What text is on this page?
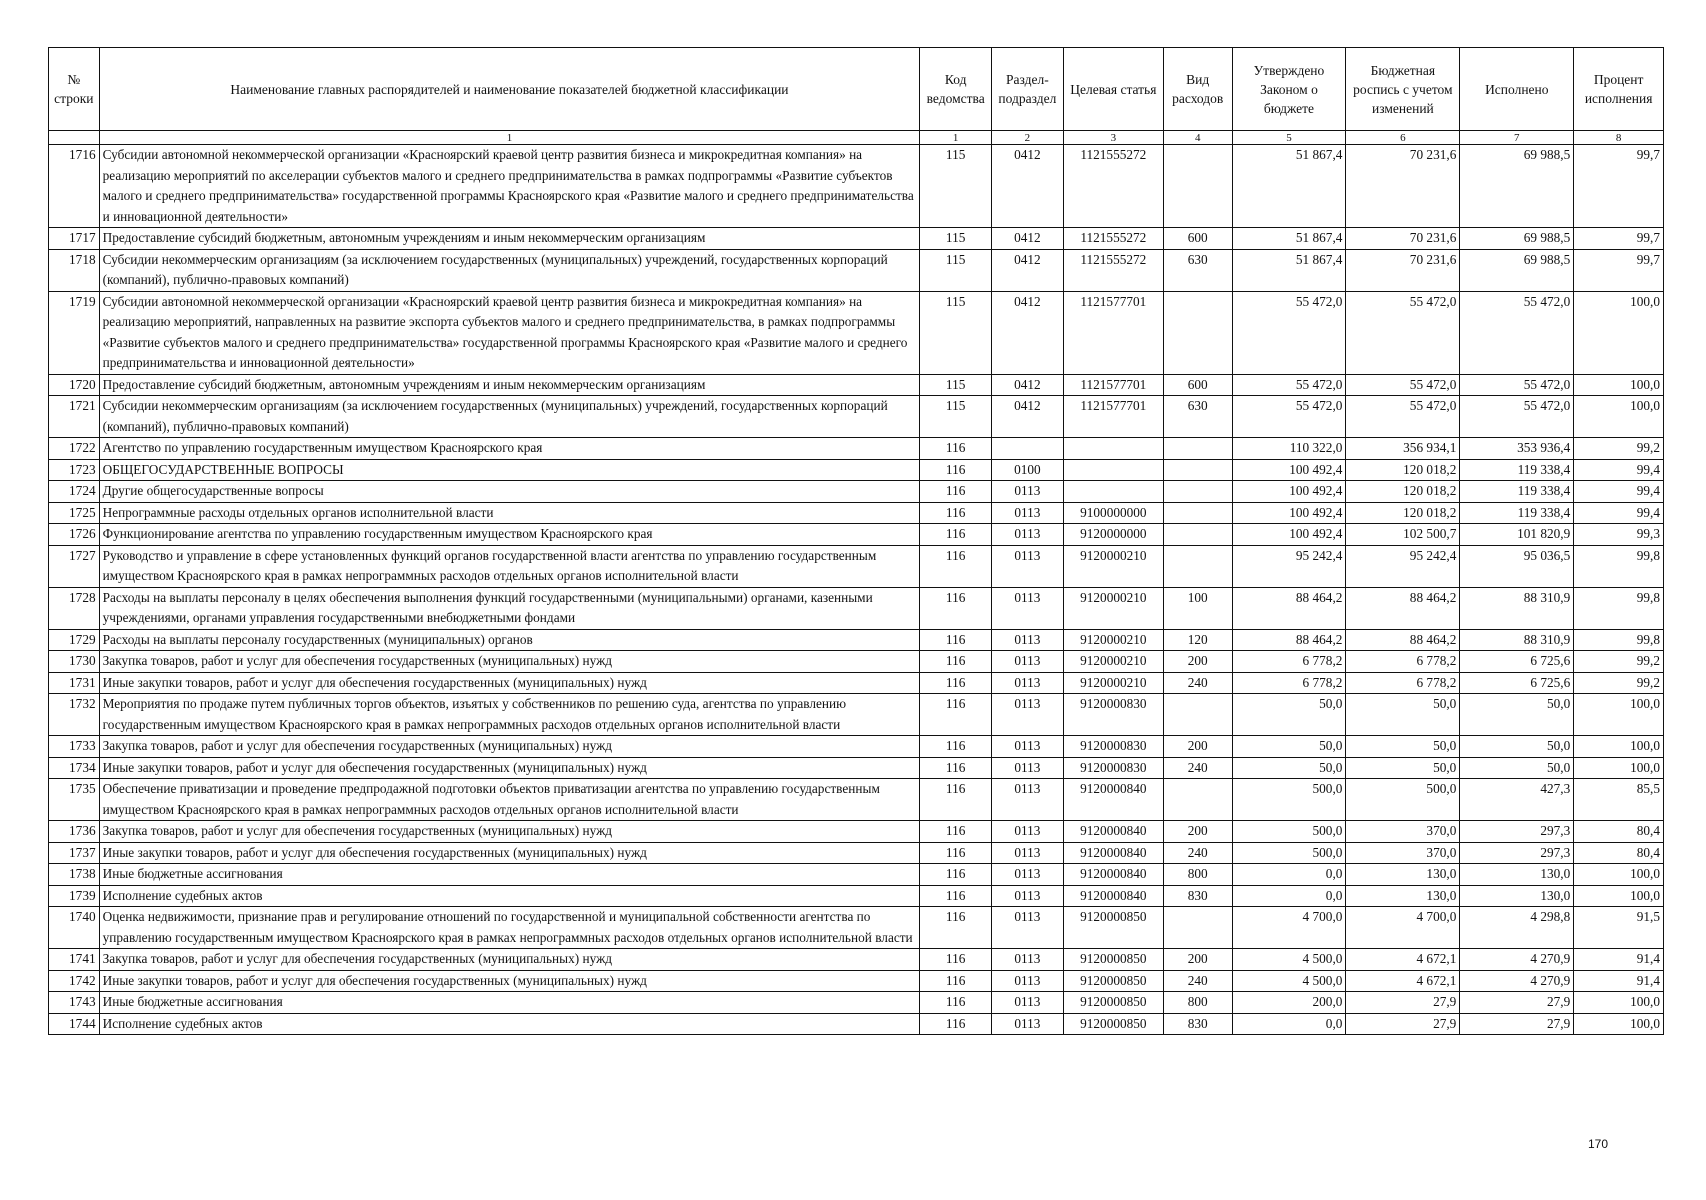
№ строки	Наименование главных распорядителей и наименование показателей бюджетной классификации	Код ведомства	Раздел-подраздел	Целевая статья	Вид расходов	Утверждено Законом о бюджете	Бюджетная роспись с учетом изменений	Исполнено	Процент исполнения
	1	1	2	3	4	5	6	7	8
1716	Субсидии автономной некоммерческой организации «Красноярский краевой центр развития бизнеса и микрокредитная компания» на реализацию мероприятий по акселерации субъектов малого и среднего предпринимательства в рамках подпрограммы «Развитие субъектов малого и среднего предпринимательства» государственной программы Красноярского края «Развитие малого и среднего предпринимательства и инновационной деятельности»	115	0412	1121555272		51 867,4	70 231,6	69 988,5	99,7
1717	Предоставление субсидий бюджетным, автономным учреждениям и иным некоммерческим организациям	115	0412	1121555272	600	51 867,4	70 231,6	69 988,5	99,7
1718	Субсидии некоммерческим организациям (за исключением государственных (муниципальных) учреждений, государственных корпораций (компаний), публично-правовых компаний)	115	0412	1121555272	630	51 867,4	70 231,6	69 988,5	99,7
1719	Субсидии автономной некоммерческой организации «Красноярский краевой центр развития бизнеса и микрокредитная компания» на реализацию мероприятий, направленных на развитие экспорта субъектов малого и среднего предпринимательства, в рамках подпрограммы «Развитие субъектов малого и среднего предпринимательства» государственной программы Красноярского края «Развитие малого и среднего предпринимательства и инновационной деятельности»	115	0412	1121577701		55 472,0	55 472,0	55 472,0	100,0
1720	Предоставление субсидий бюджетным, автономным учреждениям и иным некоммерческим организациям	115	0412	1121577701	600	55 472,0	55 472,0	55 472,0	100,0
1721	Субсидии некоммерческим организациям (за исключением государственных (муниципальных) учреждений, государственных корпораций (компаний), публично-правовых компаний)	115	0412	1121577701	630	55 472,0	55 472,0	55 472,0	100,0
1722	Агентство по управлению государственным имуществом Красноярского края	116				110 322,0	356 934,1	353 936,4	99,2
1723	ОБЩЕГОСУДАРСТВЕННЫЕ ВОПРОСЫ	116	0100			100 492,4	120 018,2	119 338,4	99,4
1724	Другие общегосударственные вопросы	116	0113			100 492,4	120 018,2	119 338,4	99,4
1725	Непрограммные расходы отдельных органов исполнительной власти	116	0113	9100000000		100 492,4	120 018,2	119 338,4	99,4
1726	Функционирование агентства по управлению государственным имуществом Красноярского края	116	0113	9120000000		100 492,4	102 500,7	101 820,9	99,3
1727	Руководство и управление в сфере установленных функций органов государственной власти агентства по управлению государственным имуществом Красноярского края в рамках непрограммных расходов отдельных органов исполнительной власти	116	0113	9120000210		95 242,4	95 242,4	95 036,5	99,8
1728	Расходы на выплаты персоналу в целях обеспечения выполнения функций государственными (муниципальными) органами, казенными учреждениями, органами управления государственными внебюджетными фондами	116	0113	9120000210	100	88 464,2	88 464,2	88 310,9	99,8
1729	Расходы на выплаты персоналу государственных (муниципальных) органов	116	0113	9120000210	120	88 464,2	88 464,2	88 310,9	99,8
1730	Закупка товаров, работ и услуг для обеспечения государственных (муниципальных) нужд	116	0113	9120000210	200	6 778,2	6 778,2	6 725,6	99,2
1731	Иные закупки товаров, работ и услуг для обеспечения государственных (муниципальных) нужд	116	0113	9120000210	240	6 778,2	6 778,2	6 725,6	99,2
1732	Мероприятия по продаже путем публичных торгов объектов, изъятых у собственников по решению суда, агентства по управлению государственным имуществом Красноярского края в рамках непрограммных расходов отдельных органов исполнительной власти	116	0113	9120000830		50,0	50,0	50,0	100,0
1733	Закупка товаров, работ и услуг для обеспечения государственных (муниципальных) нужд	116	0113	9120000830	200	50,0	50,0	50,0	100,0
1734	Иные закупки товаров, работ и услуг для обеспечения государственных (муниципальных) нужд	116	0113	9120000830	240	50,0	50,0	50,0	100,0
1735	Обеспечение приватизации и проведение предпродажной подготовки объектов приватизации агентства по управлению государственным имуществом Красноярского края в рамках непрограммных расходов отдельных органов исполнительной власти	116	0113	9120000840		500,0	500,0	427,3	85,5
1736	Закупка товаров, работ и услуг для обеспечения государственных (муниципальных) нужд	116	0113	9120000840	200	500,0	370,0	297,3	80,4
1737	Иные закупки товаров, работ и услуг для обеспечения государственных (муниципальных) нужд	116	0113	9120000840	240	500,0	370,0	297,3	80,4
1738	Иные бюджетные ассигнования	116	0113	9120000840	800	0,0	130,0	130,0	100,0
1739	Исполнение судебных актов	116	0113	9120000840	830	0,0	130,0	130,0	100,0
1740	Оценка недвижимости, признание прав и регулирование отношений по государственной и муниципальной собственности агентства по управлению государственным имуществом Красноярского края в рамках непрограммных расходов отдельных органов исполнительной власти	116	0113	9120000850		4 700,0	4 700,0	4 298,8	91,5
1741	Закупка товаров, работ и услуг для обеспечения государственных (муниципальных) нужд	116	0113	9120000850	200	4 500,0	4 672,1	4 270,9	91,4
1742	Иные закупки товаров, работ и услуг для обеспечения государственных (муниципальных) нужд	116	0113	9120000850	240	4 500,0	4 672,1	4 270,9	91,4
1743	Иные бюджетные ассигнования	116	0113	9120000850	800	200,0	27,9	27,9	100,0
1744	Исполнение судебных актов	116	0113	9120000850	830	0,0	27,9	27,9	100,0
170
